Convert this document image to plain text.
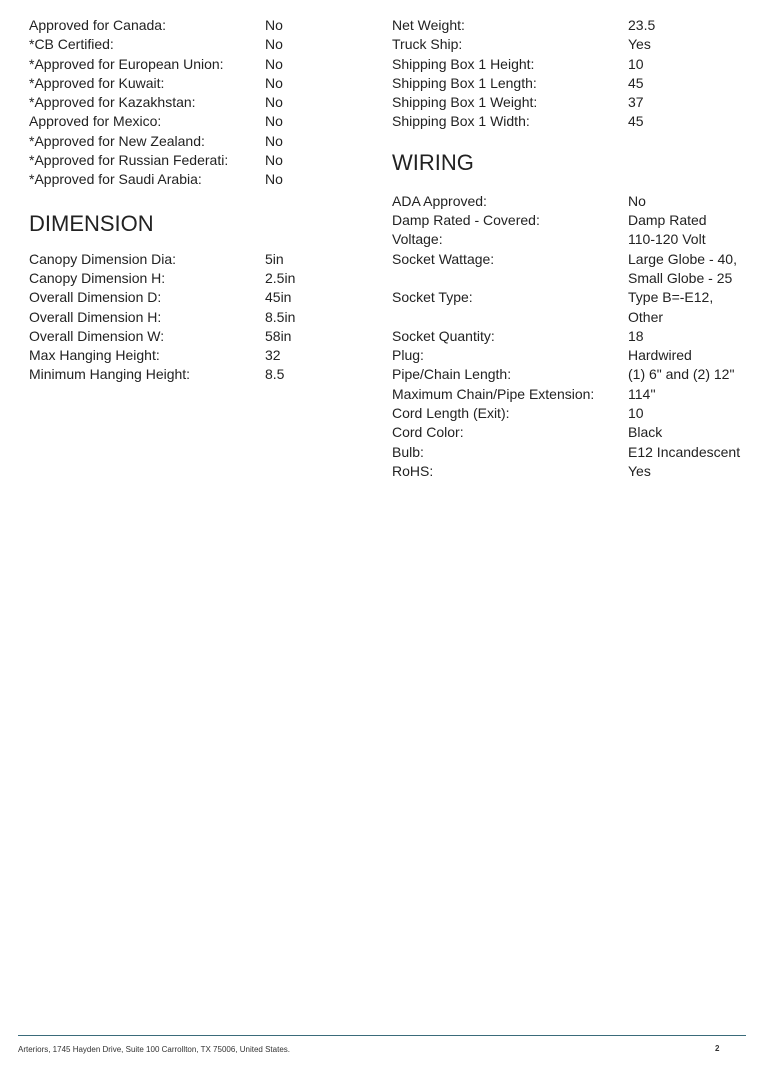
Approved for Canada:	No
*CB Certified:	No
*Approved for European Union:	No
*Approved for Kuwait:	No
*Approved for Kazakhstan:	No
Approved for Mexico:	No
*Approved for New Zealand:	No
*Approved for Russian Federati:	No
*Approved for Saudi Arabia:	No
DIMENSION
Canopy Dimension Dia:	5in
Canopy Dimension H:	2.5in
Overall Dimension D:	45in
Overall Dimension H:	8.5in
Overall Dimension W:	58in
Max Hanging Height:	32
Minimum Hanging Height:	8.5
Net Weight:	23.5
Truck Ship:	Yes
Shipping Box 1 Height:	10
Shipping Box 1 Length:	45
Shipping Box 1 Weight:	37
Shipping Box 1 Width:	45
WIRING
ADA Approved:	No
Damp Rated - Covered:	Damp Rated
Voltage:	110-120 Volt
Socket Wattage:	Large Globe - 40, Small Globe - 25
Socket Type:	Type B=-E12, Other
Socket Quantity:	18
Plug:	Hardwired
Pipe/Chain Length:	(1) 6" and (2) 12"
Maximum Chain/Pipe Extension:	114''
Cord Length (Exit):	10
Cord Color:	Black
Bulb:	E12 Incandescent
RoHS:	Yes
Arteriors, 1745 Hayden Drive, Suite 100 Carrollton, TX 75006, United States.	2
